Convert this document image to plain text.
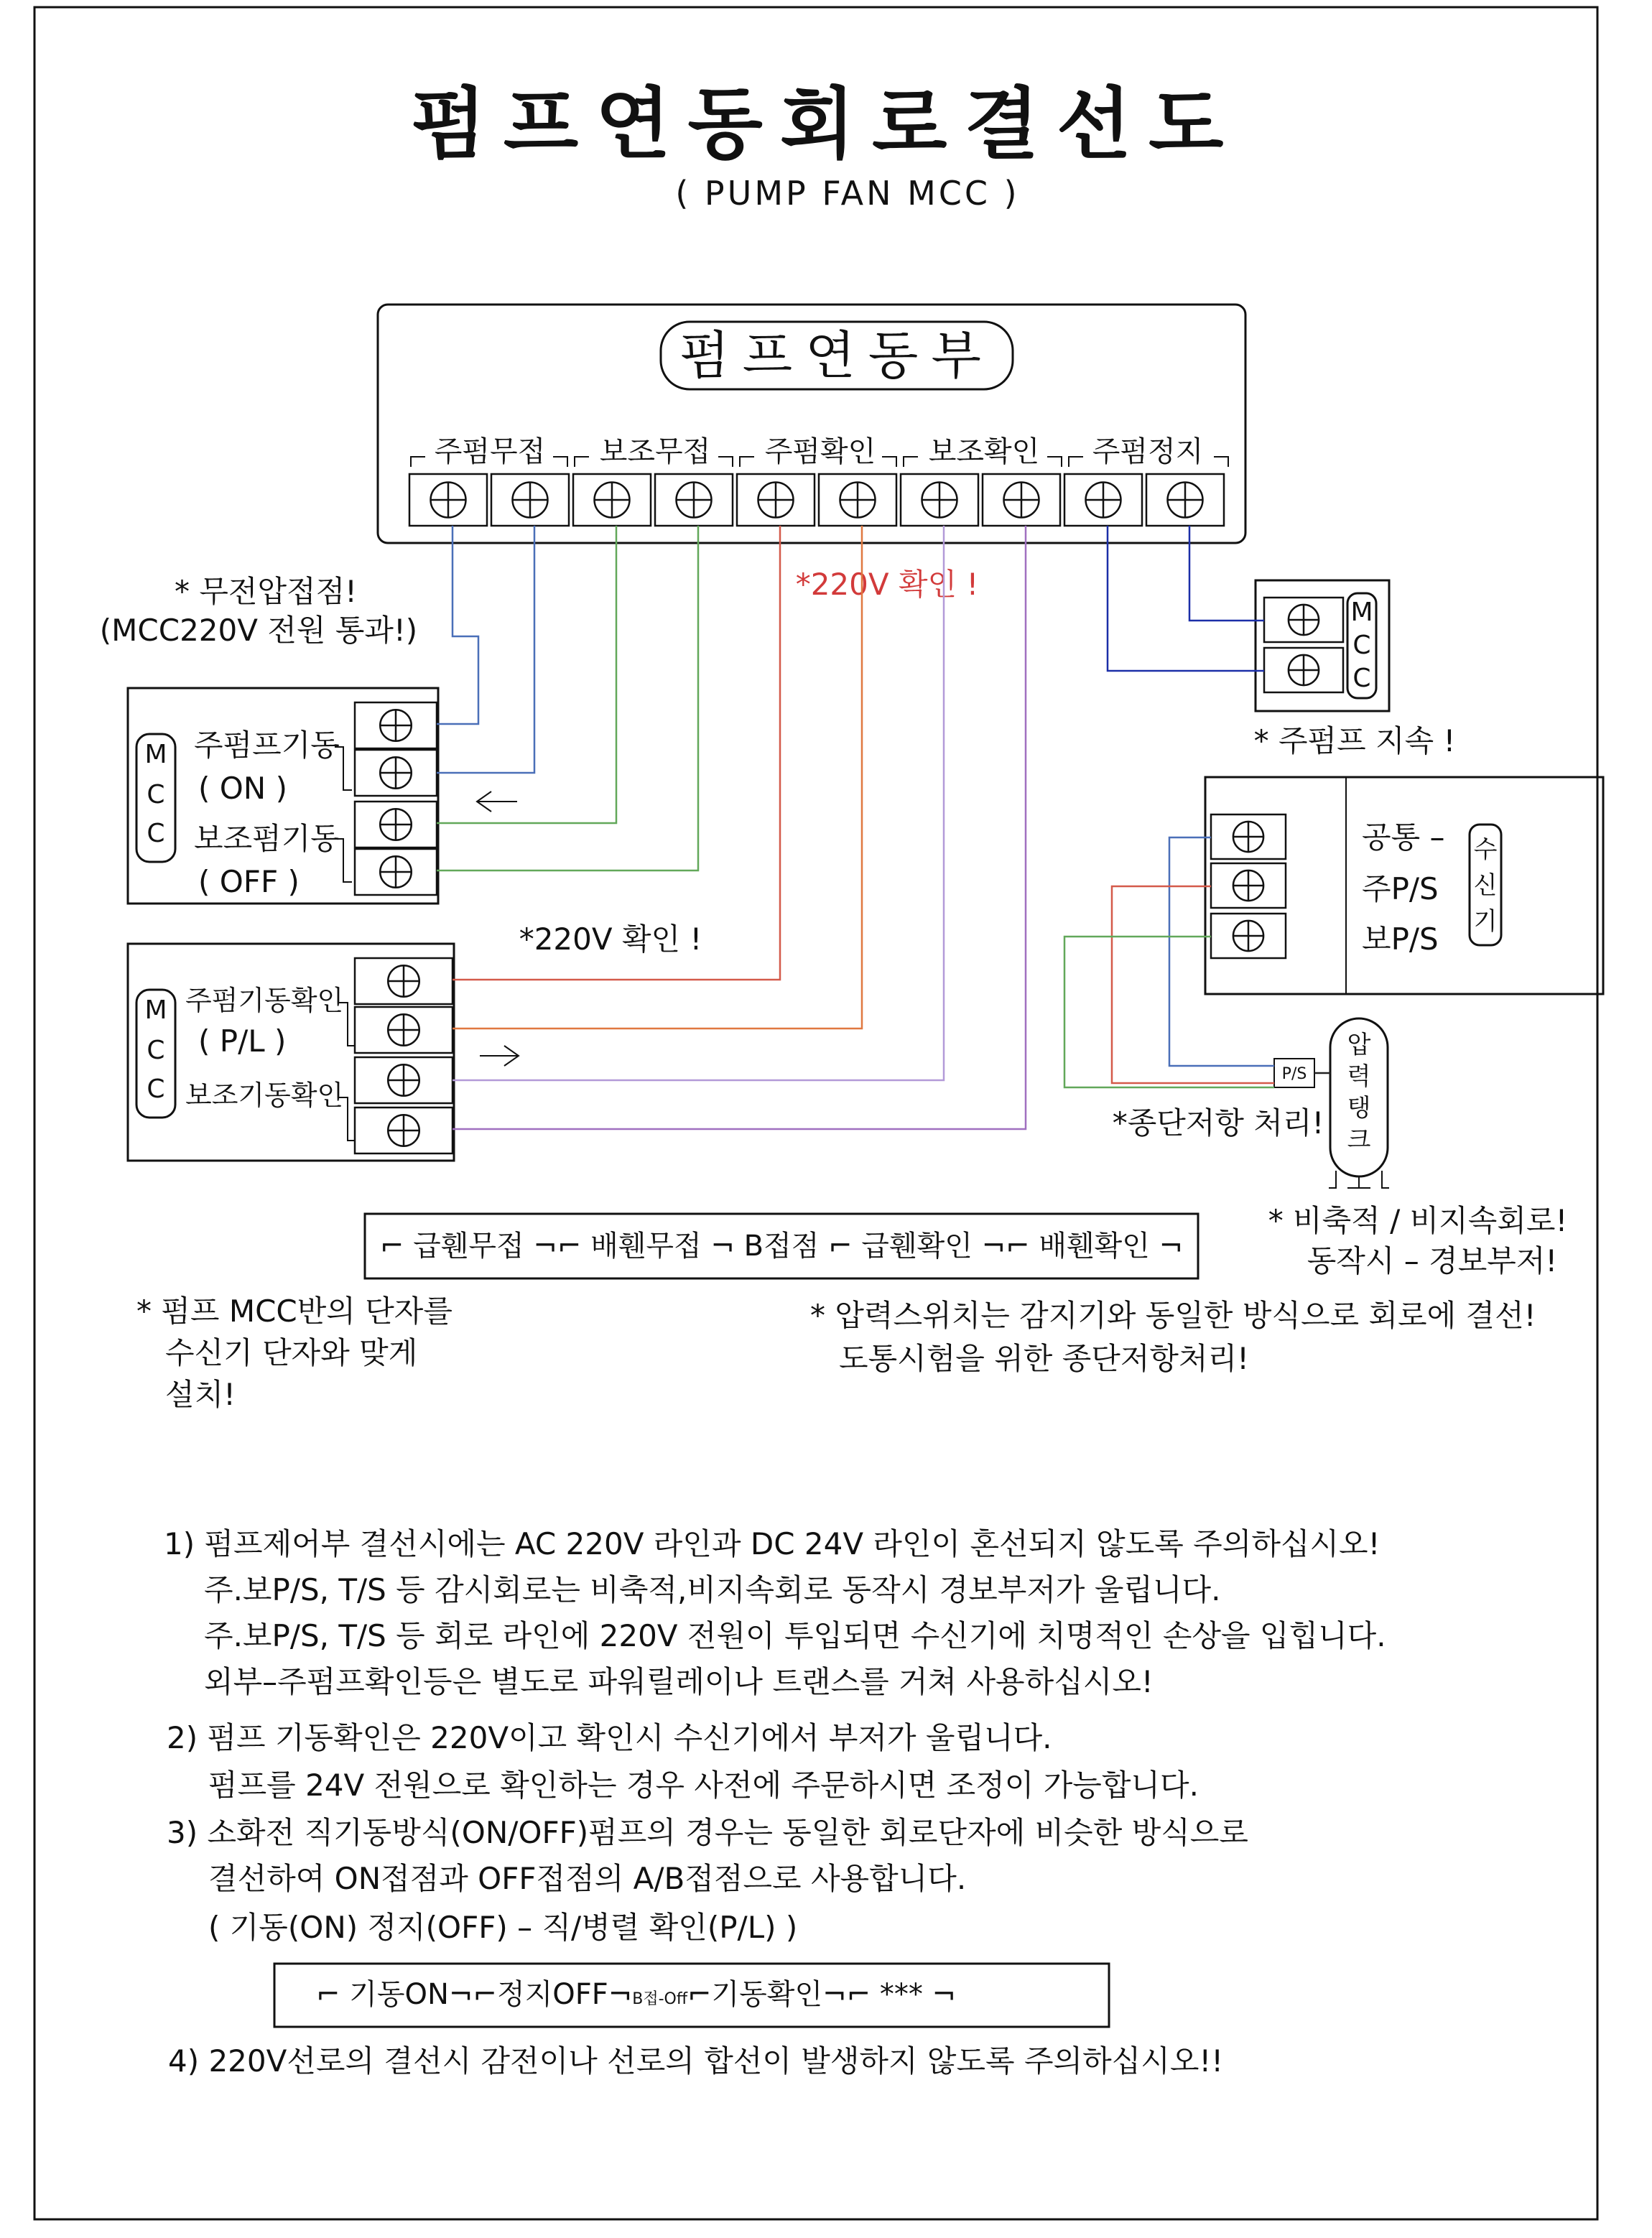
펌프연동회로결선도
( PUMP FAN MCC )
펌프연동부
주펌무접 보조무접 주펌확인 보조확인 주펌정지
* 무전압접점!
(MCC220V 전원 통과!)
*220V 확인 !
M
C
C
주펌프기동
( ON )
보조펌기동
( OFF )
M
C
C
주펌기동확인
( P/L )
보조기동확인
*220V 확인 !
M
C
C
* 주펌프 지속 !
공통 –
주P/S
보P/S
수
신
기
P/S
압
력
탱
크
*종단저항 처리!
* 비축적 / 비지속회로!
동작시 – 경보부저!
⌐ 급휀무접 ¬⌐ 배휀무접 ¬ B접점 ⌐ 급휀확인 ¬⌐ 배휀확인 ¬
* 펌프 MCC반의 단자를
수신기 단자와 맞게
설치!
* 압력스위치는 감지기와 동일한 방식으로 회로에 결선!
도통시험을 위한 종단저항처리!
1) 펌프제어부 결선시에는 AC 220V 라인과 DC 24V 라인이 혼선되지 않도록 주의하십시오!
주.보P/S, T/S 등 감시회로는 비축적,비지속회로 동작시 경보부저가 울립니다.
주.보P/S, T/S 등 회로 라인에 220V 전원이 투입되면 수신기에 치명적인 손상을 입힙니다.
외부–주펌프확인등은 별도로 파워릴레이나 트랜스를 거쳐 사용하십시오!
2) 펌프 기동확인은 220V이고 확인시 수신기에서 부저가 울립니다.
펌프를 24V 전원으로 확인하는 경우 사전에 주문하시면 조정이 가능합니다.
3) 소화전 직기동방식(ON/OFF)펌프의 경우는 동일한 회로단자에 비슷한 방식으로
결선하여 ON접점과 OFF접점의 A/B접점으로 사용합니다.
( 기동(ON) 정지(OFF) – 직/병렬 확인(P/L) )
⌐ 기동ON¬⌐정지OFF¬B접-Off⌐기동확인¬⌐ *** ¬
4) 220V선로의 결선시 감전이나 선로의 합선이 발생하지 않도록 주의하십시오!!
